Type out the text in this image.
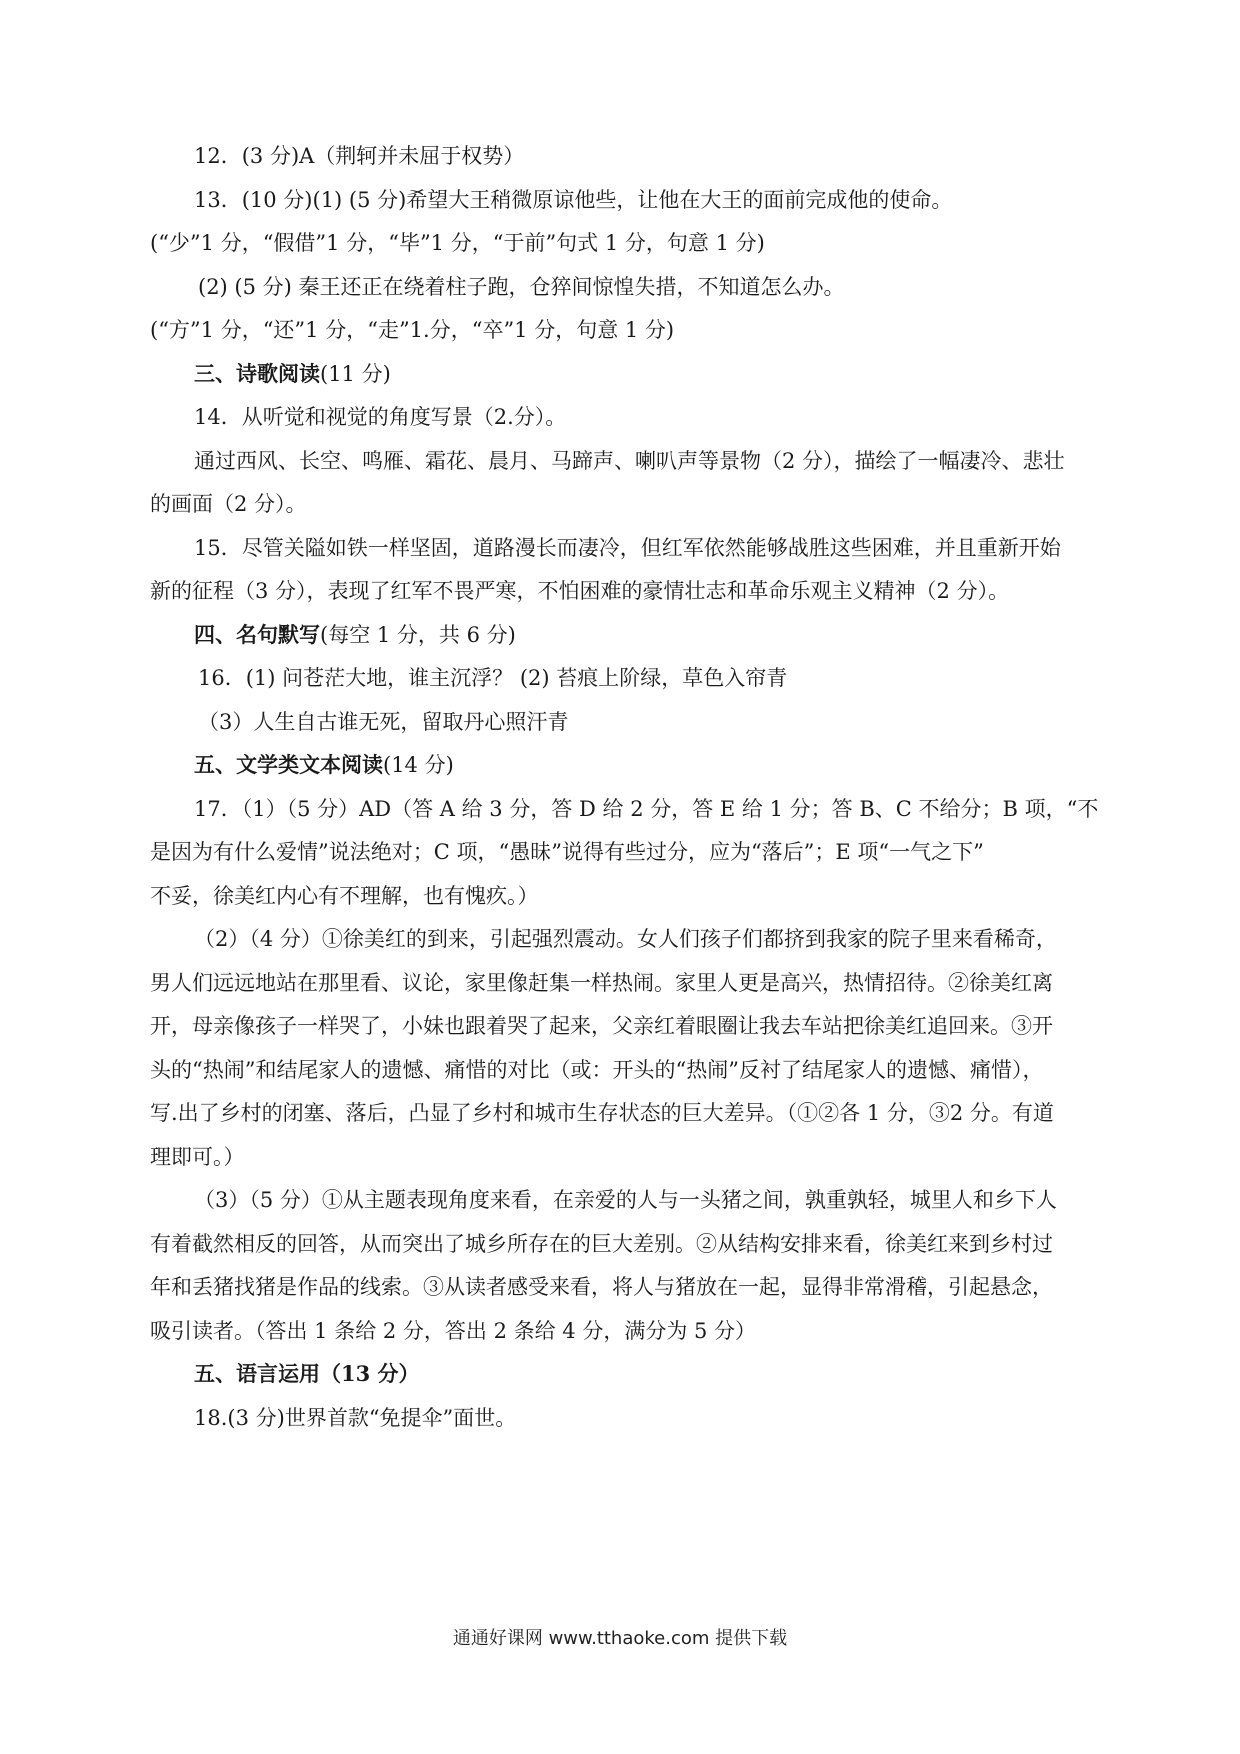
12．(3 分)A（荆轲并未屈于权势）
13．(10 分)(1) (5 分)希望大王稍微原谅他些，让他在大王的面前完成他的使命。
(“少”1 分，“假借”1 分，“毕”1 分，“于前”句式 1 分，句意 1 分)
(2) (5 分) 秦王还正在绕着柱子跑，仓猝间惊惶失措，不知道怎么办。
(“方”1 分，“还”1 分，“走”1.分，“卒”1 分，句意 1 分)
三、诗歌阅读(11 分)
14．从听觉和视觉的角度写景（2.分）。
通过西风、长空、鸣雁、霜花、晨月、马蹄声、喇叭声等景物（2 分），描绘了一幅凄冷、悲壮
的画面（2 分）。
15．尽管关隘如铁一样坚固，道路漫长而凄冷，但红军依然能够战胜这些困难，并且重新开始
新的征程（3 分），表现了红军不畏严寒，不怕困难的豪情壮志和革命乐观主义精神（2 分）。
四、名句默写(每空 1 分，共 6 分)
16．(1) 问苍茫大地，谁主沉浮？ (2) 苔痕上阶绿，草色入帘青
（3）人生自古谁无死，留取丹心照汗青
五、文学类文本阅读(14 分)
17．（1）（5 分）AD（答 A 给 3 分，答 D 给 2 分，答 E 给 1 分；答 B、C 不给分；B 项，“不
是因为有什么爱情”说法绝对；C 项，“愚昧”说得有些过分，应为“落后”；E 项“一气之下”
不妥，徐美红内心有不理解，也有愧疚。）
（2）（4 分）①徐美红的到来，引起强烈震动。女人们孩子们都挤到我家的院子里来看稀奇，
男人们远远地站在那里看、议论，家里像赶集一样热闹。家里人更是高兴，热情招待。②徐美红离
开，母亲像孩子一样哭了，小妹也跟着哭了起来，父亲红着眼圈让我去车站把徐美红追回来。③开
头的“热闹”和结尾家人的遗憾、痛惜的对比（或：开头的“热闹”反衬了结尾家人的遗憾、痛惜），
写.出了乡村的闭塞、落后，凸显了乡村和城市生存状态的巨大差异。（①②各 1 分，③2 分。有道
理即可。）
（3）（5 分）①从主题表现角度来看，在亲爱的人与一头猪之间，孰重孰轻，城里人和乡下人
有着截然相反的回答，从而突出了城乡所存在的巨大差别。②从结构安排来看，徐美红来到乡村过
年和丢猪找猪是作品的线索。③从读者感受来看，将人与猪放在一起，显得非常滑稽，引起悬念，
吸引读者。（答出 1 条给 2 分，答出 2 条给 4 分，满分为 5 分）
五、语言运用（13 分）
18.(3 分)世界首款“免提伞”面世。
通通好课网 www.tthaoke.com 提供下载
